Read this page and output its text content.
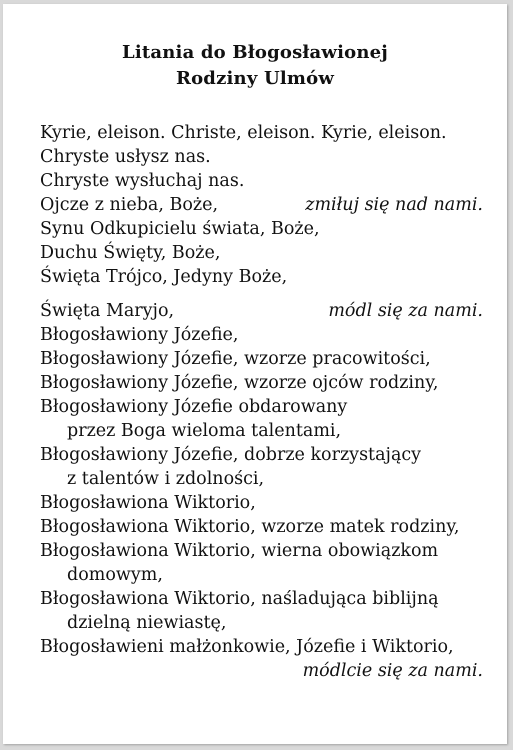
Litania do Błogosławionej
Rodziny Ulmów
Kyrie, eleison. Christe, eleison. Kyrie, eleison.
Chryste usłysz nas.
Chryste wysłuchaj nas.
Ojcze z nieba, Boże,	zmiłuj się nad nami.
Synu Odkupicielu świata, Boże,
Duchu Święty, Boże,
Święta Trójco, Jedyny Boże,
Święta Maryjo,	módl się za nami.
Błogosławiony Józefie,
Błogosławiony Józefie, wzorze pracowitości,
Błogosławiony Józefie, wzorze ojców rodziny,
Błogosławiony Józefie obdarowany
przez Boga wieloma talentami,
Błogosławiony Józefie, dobrze korzystający
z talentów i zdolności,
Błogosławiona Wiktorio,
Błogosławiona Wiktorio, wzorze matek rodziny,
Błogosławiona Wiktorio, wierna obowiązkom
domowym,
Błogosławiona Wiktorio, naśladująca biblijną
dzielną niewiastę,
Błogosławieni małżonkowie, Józefie i Wiktorio,
módlcie się za nami.
